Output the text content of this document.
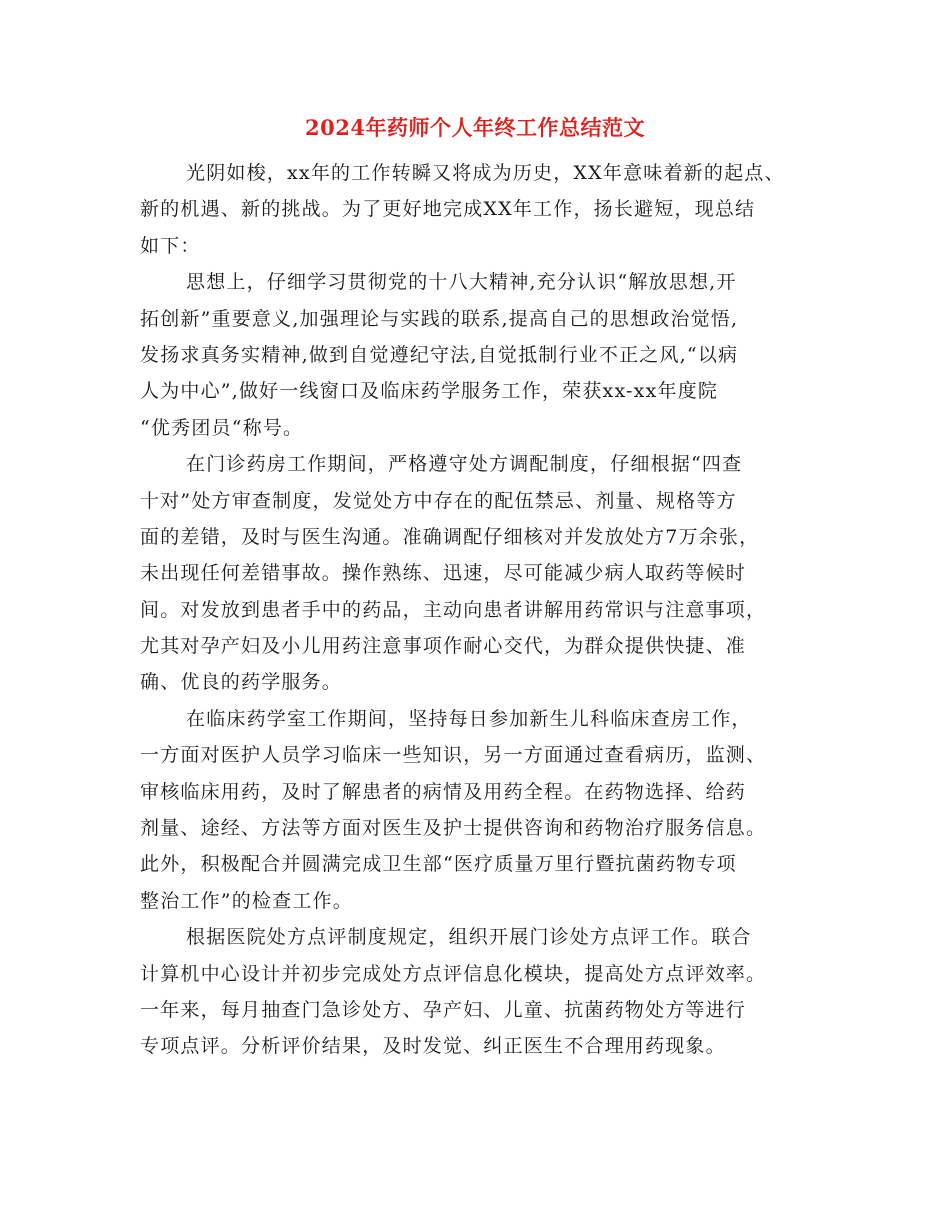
2024年药师个人年终工作总结范文
光阴如梭，xx年的工作转瞬又将成为历史，XX年意味着新的起点、
新的机遇、新的挑战。为了更好地完成XX年工作，扬长避短，现总结
如下：
思想上，仔细学习贯彻党的十八大精神,充分认识“解放思想,开
拓创新”重要意义,加强理论与实践的联系,提高自己的思想政治觉悟,
发扬求真务实精神,做到自觉遵纪守法,自觉抵制行业不正之风,“以病
人为中心”,做好一线窗口及临床药学服务工作，荣获xx-xx年度院
“优秀团员“称号。
在门诊药房工作期间，严格遵守处方调配制度，仔细根据“四查
十对”处方审查制度，发觉处方中存在的配伍禁忌、剂量、规格等方
面的差错，及时与医生沟通。准确调配仔细核对并发放处方7万余张，
未出现任何差错事故。操作熟练、迅速，尽可能减少病人取药等候时
间。对发放到患者手中的药品，主动向患者讲解用药常识与注意事项，
尤其对孕产妇及小儿用药注意事项作耐心交代，为群众提供快捷、准
确、优良的药学服务。
在临床药学室工作期间，坚持每日参加新生儿科临床查房工作，
一方面对医护人员学习临床一些知识，另一方面通过查看病历，监测、
审核临床用药，及时了解患者的病情及用药全程。在药物选择、给药
剂量、途经、方法等方面对医生及护士提供咨询和药物治疗服务信息。
此外，积极配合并圆满完成卫生部“医疗质量万里行暨抗菌药物专项
整治工作”的检查工作。
根据医院处方点评制度规定，组织开展门诊处方点评工作。联合
计算机中心设计并初步完成处方点评信息化模块，提高处方点评效率。
一年来，每月抽查门急诊处方、孕产妇、儿童、抗菌药物处方等进行
专项点评。分析评价结果，及时发觉、纠正医生不合理用药现象。
